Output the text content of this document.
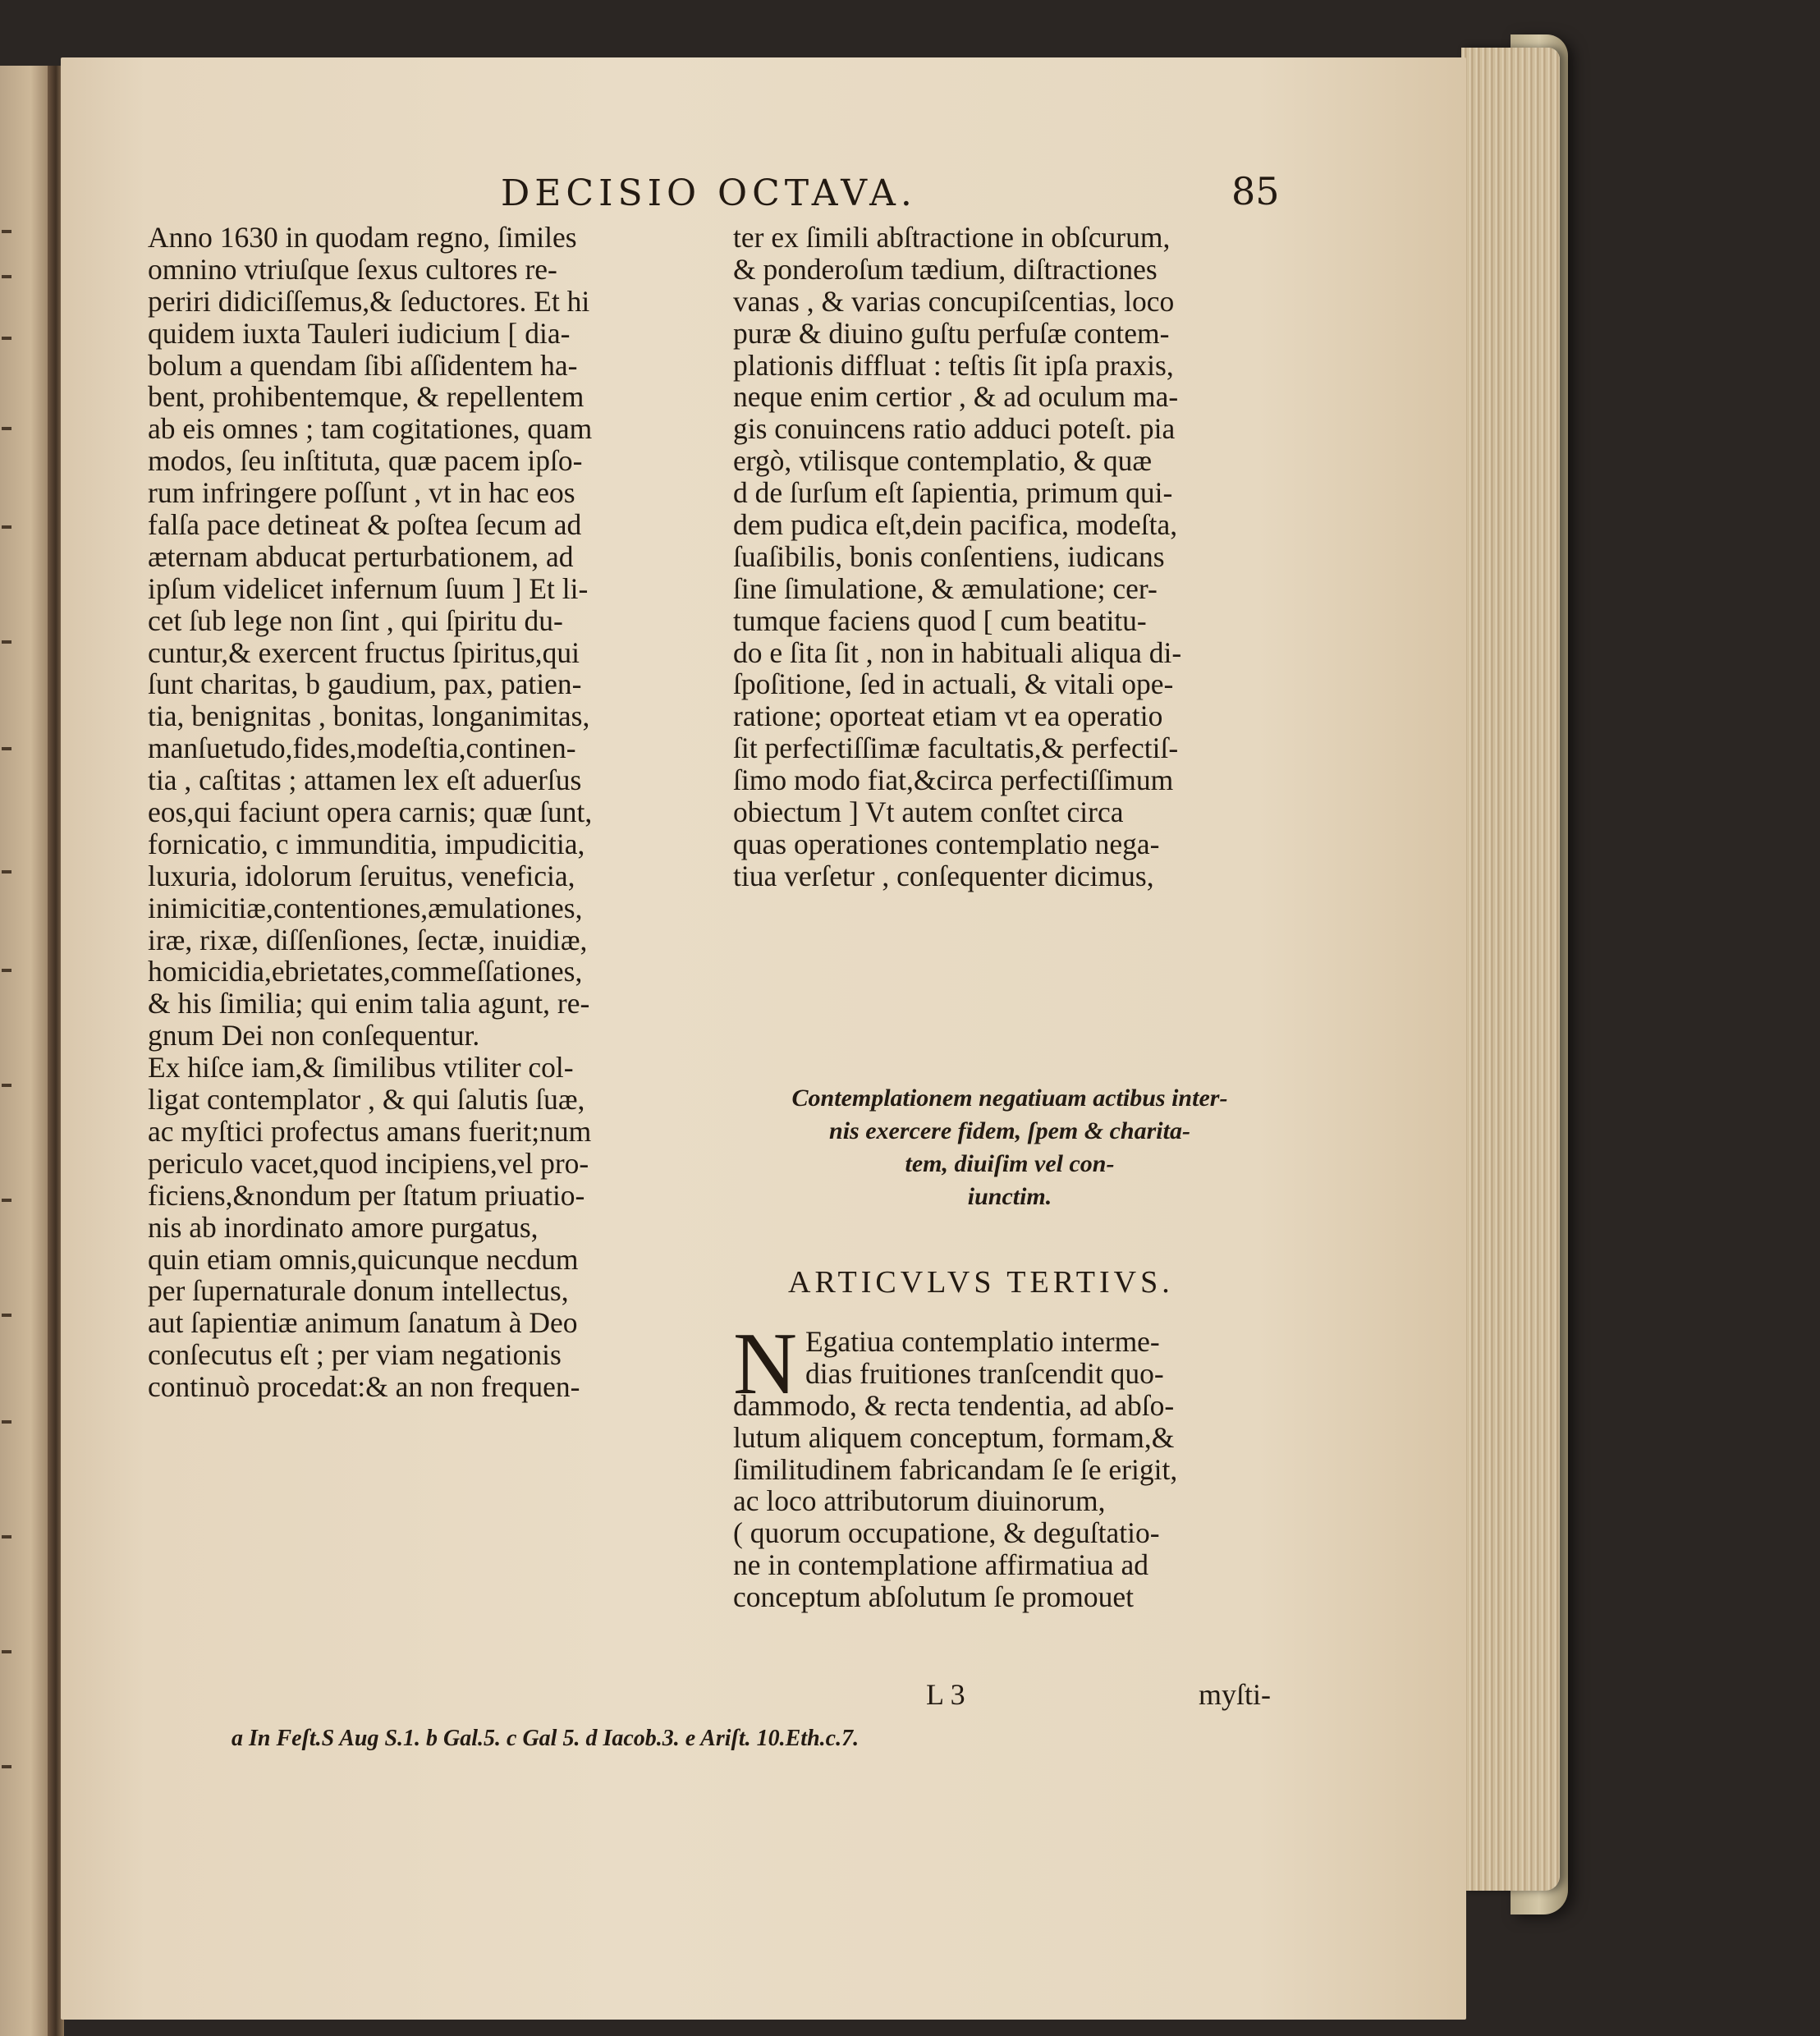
DECISIO OCTAVA.	85
Anno 1630 in quodam regno, ſimiles
omnino vtriuſque ſexus cultores re-
periri didiciſſemus,& ſeductores. Et hi
quidem iuxta Tauleri iudicium [ dia-
bolum a quendam ſibi aſſidentem ha-
bent, prohibentemque, & repellentem
ab eis omnes ; tam cogitationes, quam
modos, ſeu inſtituta, quæ pacem ipſo-
rum infringere poſſunt , vt in hac eos
falſa pace detineat & poſtea ſecum ad
æternam abducat perturbationem, ad
ipſum videlicet infernum ſuum ] Et li-
cet ſub lege non ſint , qui ſpiritu du-
cuntur,& exercent fructus ſpiritus,qui
ſunt charitas, b gaudium, pax, patien-
tia, benignitas , bonitas, longanimitas,
manſuetudo,fides,modeſtia,continen-
tia , caſtitas ; attamen lex eſt aduerſus
eos,qui faciunt opera carnis; quæ ſunt,
fornicatio, c immunditia, impudicitia,
luxuria, idolorum ſeruitus, veneficia,
inimicitiæ,contentiones,æmulationes,
iræ, rixæ, diſſenſiones, ſectæ, inuidiæ,
homicidia,ebrietates,commeſſationes,
& his ſimilia; qui enim talia agunt, re-
gnum Dei non conſequentur.
Ex hiſce iam,& ſimilibus vtiliter col-
ligat contemplator , & qui ſalutis ſuæ,
ac myſtici profectus amans fuerit;num
periculo vacet,quod incipiens,vel pro-
ficiens,&nondum per ſtatum priuatio-
nis ab inordinato amore purgatus,
quin etiam omnis,quicunque necdum
per ſupernaturale donum intellectus,
aut ſapientiæ animum ſanatum à Deo
conſecutus eſt ; per viam negationis
continuò procedat:& an non frequen-
ter ex ſimili abſtractione in obſcurum,
& ponderoſum tædium, diſtractiones
vanas , & varias concupiſcentias, loco
puræ & diuino guſtu perfuſæ contem-
plationis diffluat : teſtis ſit ipſa praxis,
neque enim certior , & ad oculum ma-
gis conuincens ratio adduci poteſt. pia
ergò, vtilisque contemplatio, & quæ
d de ſurſum eſt ſapientia, primum qui-
dem pudica eſt,dein pacifica, modeſta,
ſuaſibilis, bonis conſentiens, iudicans
ſine ſimulatione, & æmulatione; cer-
tumque faciens quod [ cum beatitu-
do e ſita ſit , non in habituali aliqua di-
ſpoſitione, ſed in actuali, & vitali ope-
ratione; oporteat etiam vt ea operatio
ſit perfectiſſimæ facultatis,& perfectiſ-
ſimo modo fiat,&circa perfectiſſimum
obiectum ] Vt autem conſtet circa
quas operationes contemplatio nega-
tiua verſetur , conſequenter dicimus,
Contemplationem negatiuam actibus inter-
nis exercere fidem, ſpem & charita-
tem, diuiſim vel con-
iunctim.
ARTICVLVS TERTIVS.
N Egatiua contemplatio interme-
dias fruitiones tranſcendit quo-
dammodo, & recta tendentia, ad abſo-
lutum aliquem conceptum, formam,&
ſimilitudinem fabricandam ſe ſe erigit,
ac loco attributorum diuinorum,
( quorum occupatione, & deguſtatio-
ne in contemplatione affirmatiua ad
conceptum abſolutum ſe promouet
L 3	myſti-
a In Feſt.S Aug S.1. b Gal.5. c Gal 5. d Iacob.3. e Ariſt. 10.Eth.c.7.
